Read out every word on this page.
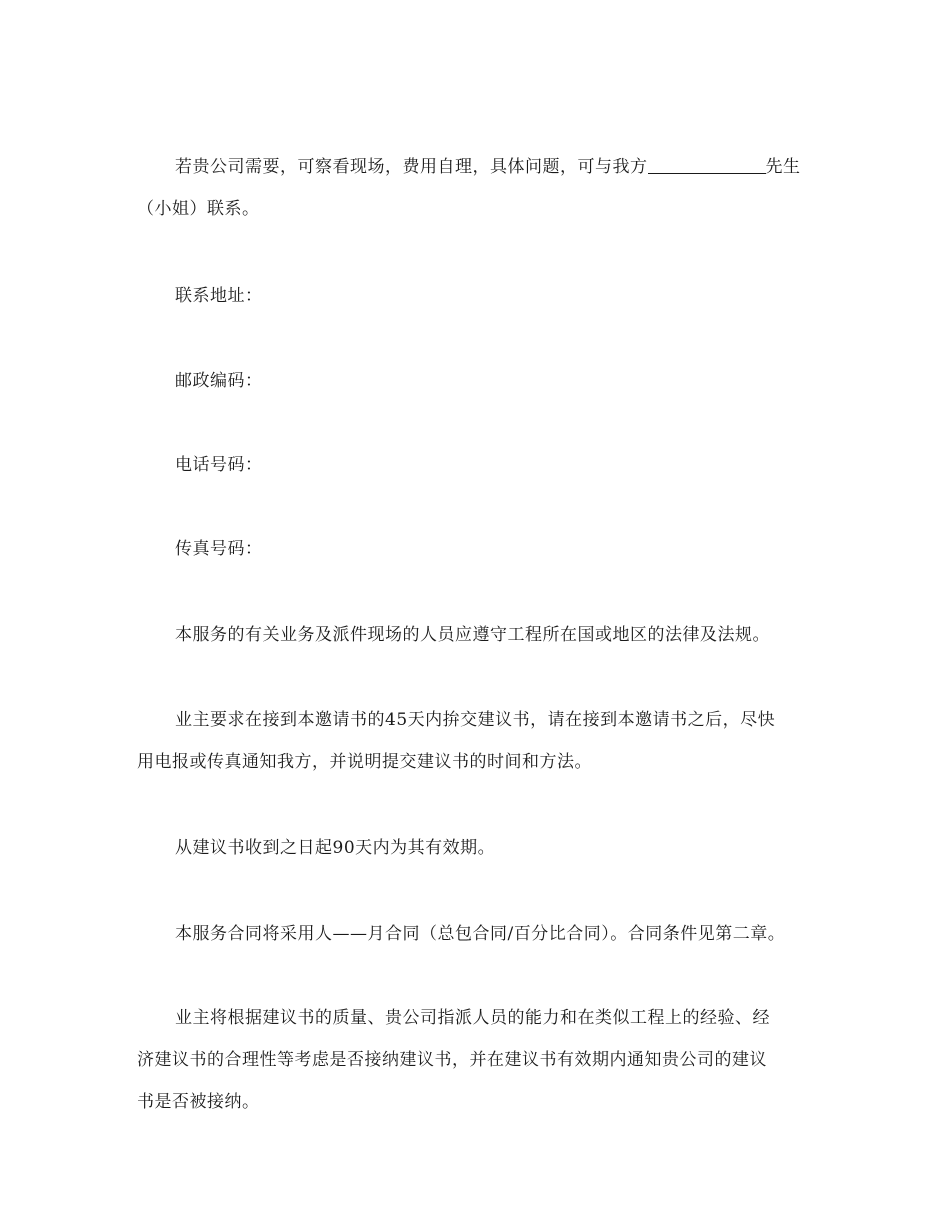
若贵公司需要，可察看现场，费用自理，具体问题，可与我方	先生
（小姐）联系。
联系地址：
邮政编码：
电话号码：
传真号码：
本服务的有关业务及派件现场的人员应遵守工程所在国或地区的法律及法规。
业主要求在接到本邀请书的45天内拚交建议书，请在接到本邀请书之后，尽快
用电报或传真通知我方，并说明提交建议书的时间和方法。
从建议书收到之日起90天内为其有效期。
本服务合同将采用人——月合同（总包合同/百分比合同）。合同条件见第二章。
业主将根据建议书的质量、贵公司指派人员的能力和在类似工程上的经验、经
济建议书的合理性等考虑是否接纳建议书，并在建议书有效期内通知贵公司的建议
书是否被接纳。
